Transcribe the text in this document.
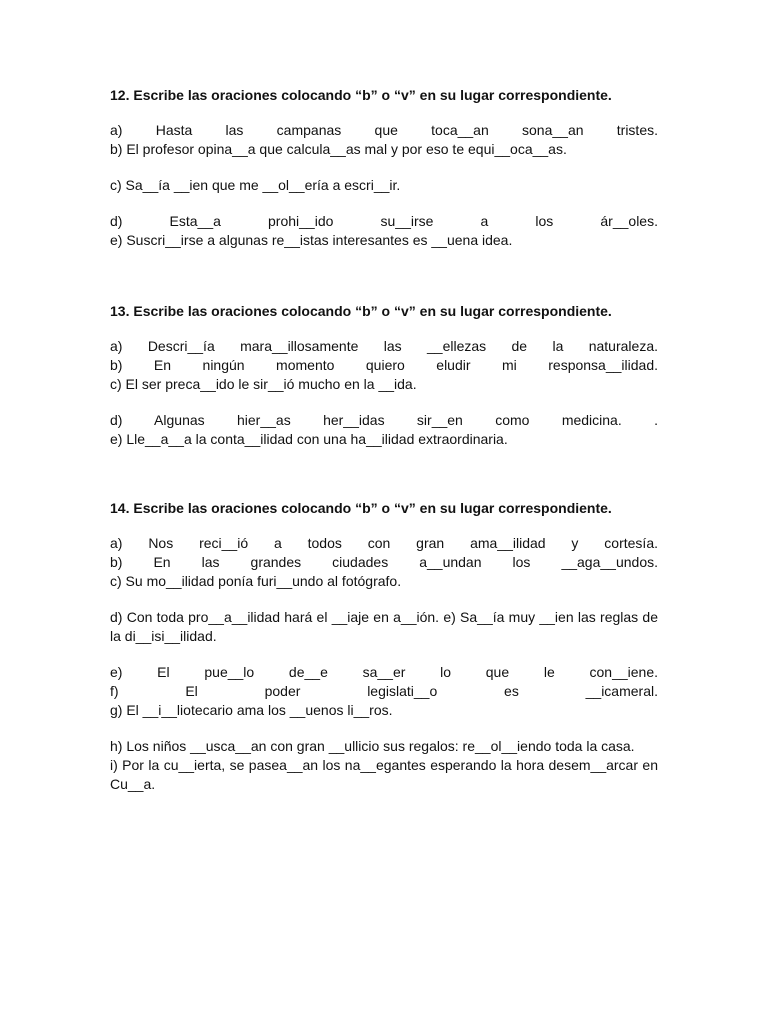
12. Escribe las oraciones colocando “b” o “v” en su lugar correspondiente.
a) Hasta las campanas que toca__an sona__an tristes.
b) El profesor opina__a que calcula__as mal y por eso te equi__oca__as.
c) Sa__ía __ien que me __ol__ería a escri__ir.
d) Esta__a prohi__ido su__irse a los ár__oles.
e) Suscri__irse a algunas re__istas interesantes es __uena idea.
13. Escribe las oraciones colocando “b” o “v” en su lugar correspondiente.
a) Descri__ía mara__illosamente las __ellezas de la naturaleza.
b) En ningún momento quiero eludir mi responsa__ilidad.
c) El ser preca__ido le sir__ió mucho en la __ida.
d) Algunas hier__as her__idas sir__en como medicina. .
e) Lle__a__a la conta__ilidad con una ha__ilidad extraordinaria.
14. Escribe las oraciones colocando “b” o “v” en su lugar correspondiente.
a) Nos reci__ió a todos con gran ama__ilidad y cortesía.
b) En las grandes ciudades a__undan los __aga__undos.
c) Su mo__ilidad ponía furi__undo al fotógrafo.
d) Con toda pro__a__ilidad hará el __iaje en a__ión. e) Sa__ía muy __ien las reglas de la di__isi__ilidad.
e) El pue__lo de__e sa__er lo que le con__iene.
f) El poder legislati__o es __icameral.
g) El __i__liotecario ama los __uenos li__ros.
h) Los niños __usca__an con gran __ullicio sus regalos: re__ol__iendo toda la casa.
i) Por la cu__ierta, se pasea__an los na__egantes esperando la hora desem__arcar en Cu__a.
